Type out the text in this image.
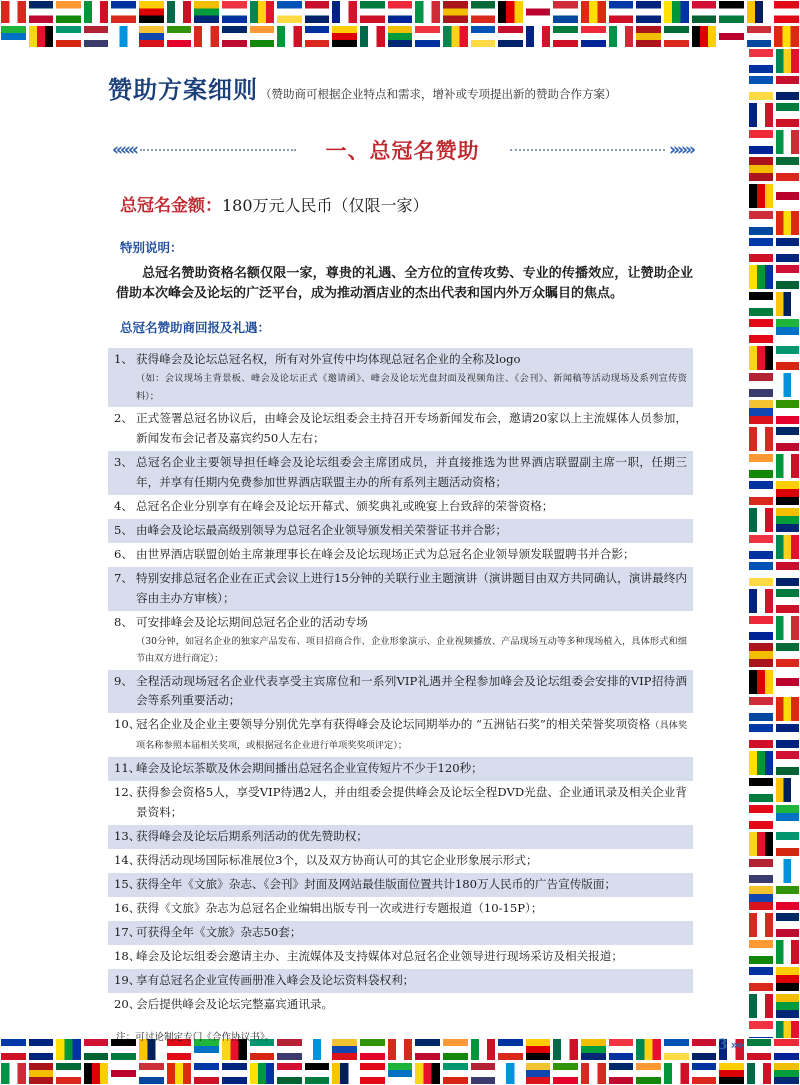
赞助方案细则 （赞助商可根据企业特点和需求，增补或专项提出新的赞助合作方案）
«««	一、总冠名赞助	»»»
总冠名金额：180万元人民币（仅限一家）
特别说明：
总冠名赞助资格名额仅限一家，尊贵的礼遇、全方位的宣传攻势、专业的传播效应，让赞助企业借助本次峰会及论坛的广泛平台，成为推动酒店业的杰出代表和国内外万众瞩目的焦点。
总冠名赞助商回报及礼遇：
1、 获得峰会及论坛总冠名权，所有对外宣传中均体现总冠名企业的全称及logo
（如：会议现场主背景板、峰会及论坛正式《邀请函》、峰会及论坛光盘封面及视频角注、《会刊》、新闻稿等活动现场及系列宣传资料）；
2、 正式签署总冠名协议后，由峰会及论坛组委会主持召开专场新闻发布会，邀请20家以上主流媒体人员参加，新闻发布会记者及嘉宾约50人左右；
3、 总冠名企业主要领导担任峰会及论坛组委会主席团成员，并直接推选为世界酒店联盟副主席一职，任期三年，并享有任期内免费参加世界酒店联盟主办的所有系列主题活动资格；
4、 总冠名企业分别享有在峰会及论坛开幕式、颁奖典礼或晚宴上台致辞的荣誉资格；
5、 由峰会及论坛最高级别领导为总冠名企业领导颁发相关荣誉证书并合影；
6、 由世界酒店联盟创始主席兼理事长在峰会及论坛现场正式为总冠名企业领导颁发联盟聘书并合影；
7、 特别安排总冠名企业在正式会议上进行15分钟的关联行业主题演讲（演讲题目由双方共同确认，演讲最终内容由主办方审核）；
8、 可安排峰会及论坛期间总冠名企业的活动专场
（30分钟，如冠名企业的独家产品发布、项目招商合作、企业形象演示、企业视频播放、产品现场互动等多种现场植入，具体形式和细节由双方进行商定）；
9、 全程活动现场冠名企业代表享受主宾席位和一系列VIP礼遇并全程参加峰会及论坛组委会安排的VIP招待酒会等系列重要活动；
10、
冠名企业及企业主要领导分别优先享有获得峰会及论坛同期举办的 “五洲钻石奖”的相关荣誉奖项资格（具体奖项名称参照本届相关奖项，或根据冠名企业进行单项奖奖项评定）；
11、
峰会及论坛茶歇及休会期间播出总冠名企业宣传短片不少于120秒；
12、
获得参会资格5人，享受VIP待遇2人，并由组委会提供峰会及论坛全程DVD光盘、企业通讯录及相关企业背景资料；
13、
获得峰会及论坛后期系列活动的优先赞助权；
14、
获得活动现场国际标准展位3个，以及双方协商认可的其它企业形象展示形式；
15、
获得全年《文旅》杂志、《会刊》封面及网站最佳版面位置共计180万人民币的广告宣传版面；
16、
获得《文旅》杂志为总冠名企业编辑出版专刊一次或进行专题报道（10-15P）；
17、
可获得全年《文旅》杂志50套；
18、
峰会及论坛组委会邀请主办、主流媒体及支持媒体对总冠名企业领导进行现场采访及相关报道；
19、
享有总冠名企业宣传画册准入峰会及论坛资料袋权利；
20、
会后提供峰会及论坛完整嘉宾通讯录。
注：可讨论制定专门《合作协议书》。	3 »»
